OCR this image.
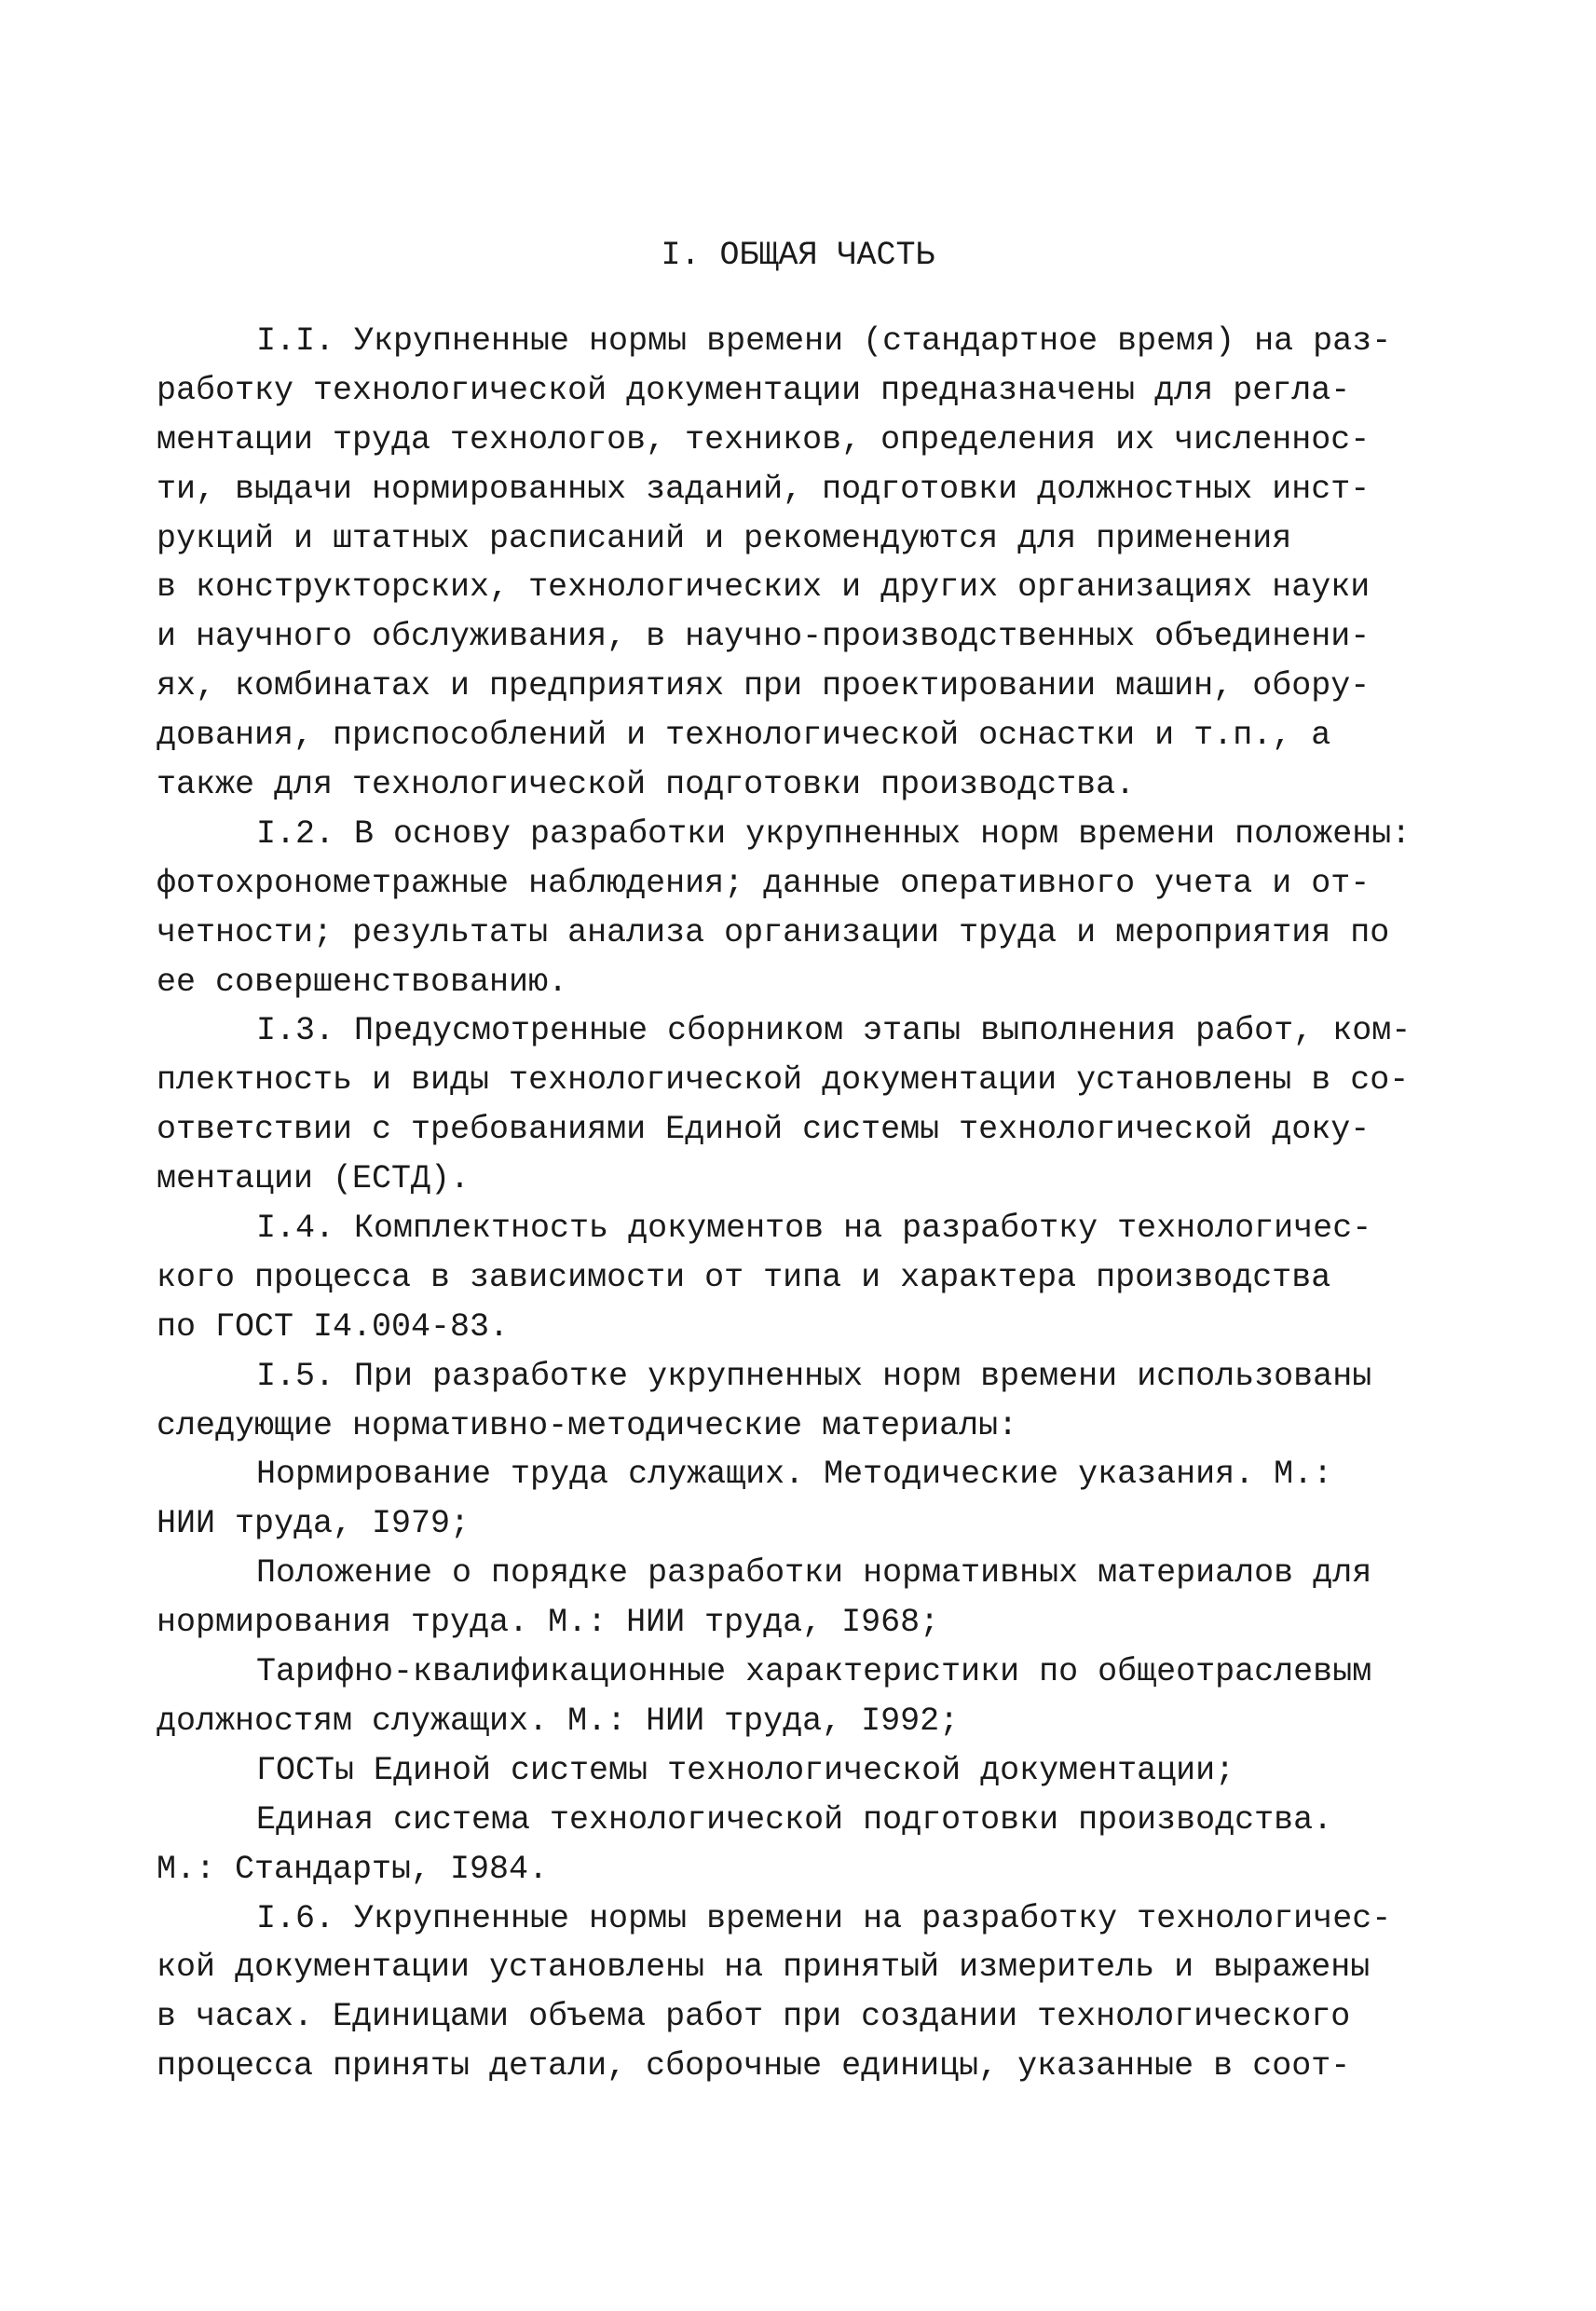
I. ОБЩАЯ ЧАСТЬ
I.I. Укрупненные нормы времени (стандартное время) на раз-
работку технологической документации предназначены для регла-
ментации труда технологов, техников, определения их численнос-
ти, выдачи нормированных заданий, подготовки должностных инст-
рукций и штатных расписаний и рекомендуются для применения
в конструкторских, технологических и других организациях науки
и научного обслуживания, в научно-производственных объединени-
ях, комбинатах и предприятиях при проектировании машин, обору-
дования, приспособлений и технологической оснастки и т.п., а
также для технологической подготовки производства.
I.2. В основу разработки укрупненных норм времени положены:
фотохронометражные наблюдения; данные оперативного учета и от-
четности; результаты анализа организации труда и мероприятия по
ее совершенствованию.
I.3. Предусмотренные сборником этапы выполнения работ, ком-
плектность и виды технологической документации установлены в со-
ответствии с требованиями Единой системы технологической доку-
ментации (ЕСТД).
I.4. Комплектность документов на разработку технологичес-
кого процесса в зависимости от типа и характера производства
по ГОСТ I4.004-83.
I.5. При разработке укрупненных норм времени использованы
следующие нормативно-методические материалы:
Нормирование труда служащих. Методические указания. М.:
НИИ труда, I979;
Положение о порядке разработки нормативных материалов для
нормирования труда. М.: НИИ труда, I968;
Тарифно-квалификационные характеристики по общеотраслевым
должностям служащих. М.: НИИ труда, I992;
ГОСТы Единой системы технологической документации;
Единая система технологической подготовки производства.
М.: Стандарты, I984.
I.6. Укрупненные нормы времени на разработку технологичес-
кой документации установлены на принятый измеритель и выражены
в часах. Единицами объема работ при создании технологического
процесса приняты детали, сборочные единицы, указанные в соот-
